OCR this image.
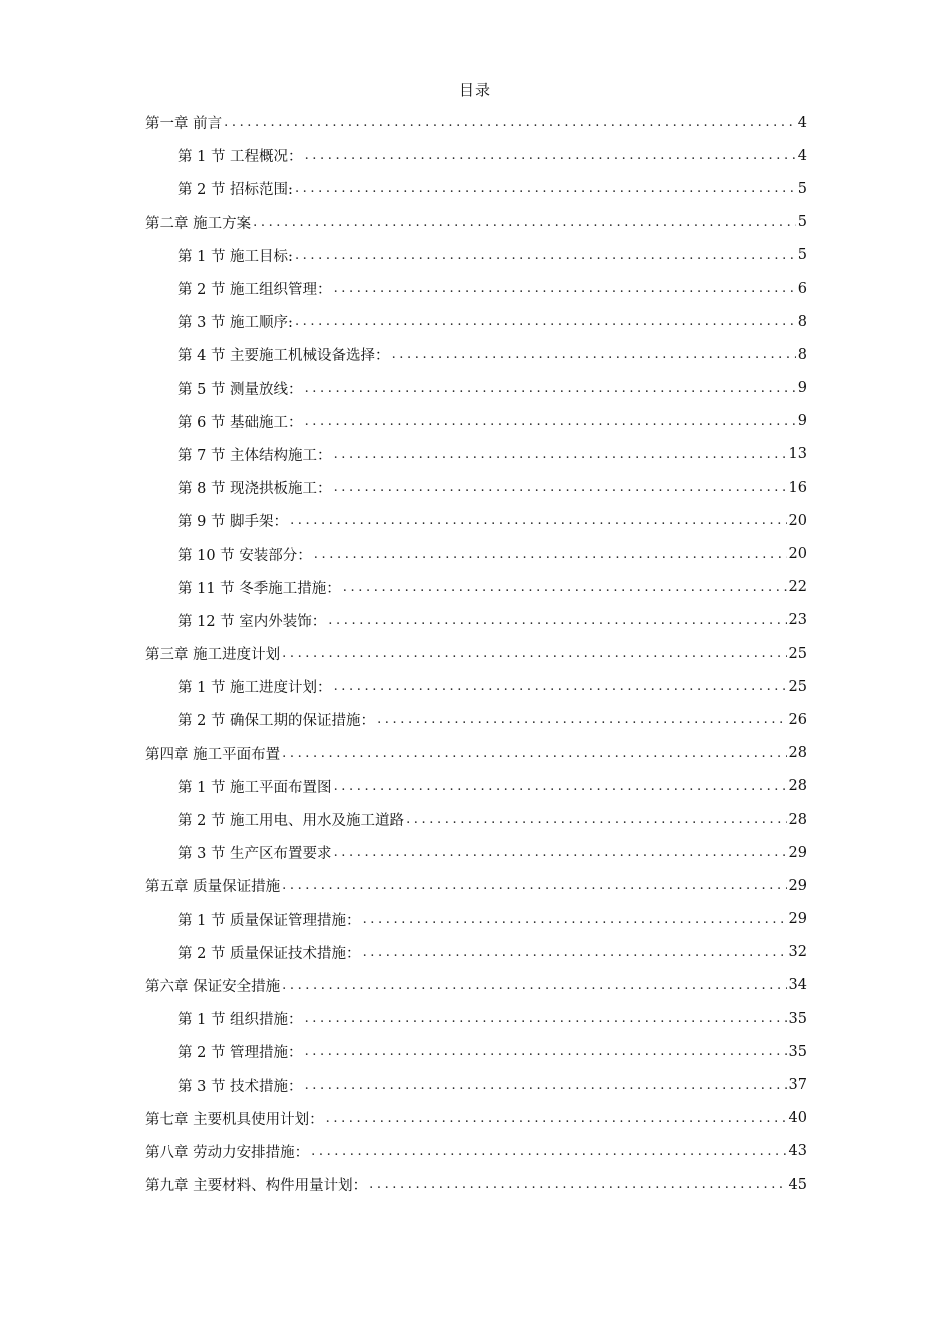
目录
第一章 前言 .....	4
第 1 节 工程概况： .....	4
第 2 节 招标范围: .....	5
第二章 施工方案 .....	5
第 1 节 施工目标: .....	5
第 2 节 施工组织管理： .....	6
第 3 节 施工顺序: .....	8
第 4 节 主要施工机械设备选择： .....	8
第 5 节 测量放线： .....	9
第 6 节 基础施工： .....	9
第 7 节 主体结构施工： .....	13
第 8 节 现浇拱板施工： .....	16
第 9 节 脚手架： .....	20
第 10 节 安装部分： .....	20
第 11 节 冬季施工措施： .....	22
第 12 节 室内外装饰： .....	23
第三章 施工进度计划 .....	25
第 1 节 施工进度计划： .....	25
第 2 节 确保工期的保证措施： .....	26
第四章 施工平面布置 .....	28
第 1 节 施工平面布置图 .....	28
第 2 节 施工用电、用水及施工道路 .....	28
第 3 节 生产区布置要求 .....	29
第五章 质量保证措施 .....	29
第 1 节 质量保证管理措施： .....	29
第 2 节 质量保证技术措施： .....	32
第六章 保证安全措施 .....	34
第 1 节 组织措施： .....	35
第 2 节 管理措施： .....	35
第 3 节 技术措施： .....	37
第七章 主要机具使用计划： .....	40
第八章 劳动力安排措施： .....	43
第九章 主要材料、构件用量计划： .....	45
